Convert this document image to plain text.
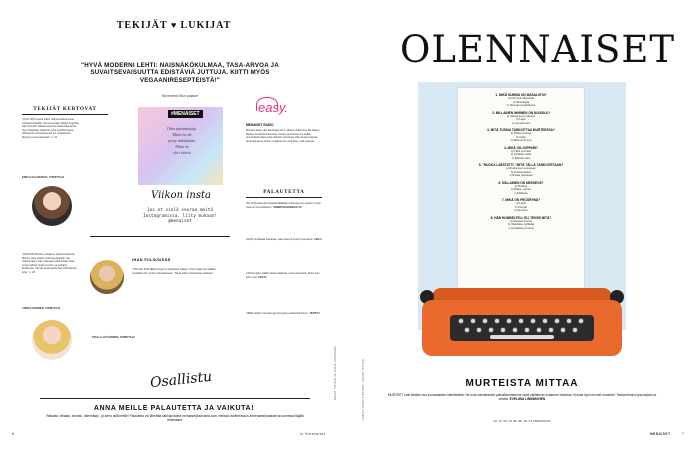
TEKIJÄT ♥ LUKIJAT
"HYVÄ MODERNI LEHTI: NAISNÄKÖKULMAA, TASA-ARVOA JA SUVAITSEVAISUUTTA EDISTÄVIÄ JUTTUJA. KIITTI MYÖS VEGAANIRESEPTEISTÄ!"
Nimimerkki Iltun palaute
TEKIJÄT KERTOVAT
"OLIN VIISI vuotta sitten Hollywoodissa Lena Lelkeitän keikalla, Seuruevieraan tilttelin Angelina. Hän kiinnosti sidoskunsa kommaskustkameroa, Nyt hoistellaan julkitesan aina entittihinnassa. Hollywood-menestyksestä iso, Angelinoiss täytoiny huosa tätevästi." s. 12
EMILIA SALORANTA, TOIMITTAJA
"HAASTATTELIN jo aloajana työskennellessä Merviä, joka päättyi unelmaryöhämän niin reiluimmaksi. Hän otessaan pitkä hitaan hitaa mutta vaihteli yhtä huumorin ja pohjasti kesäkuuta. Tämän keskustelun läpi vielä kaunis juttu." s. 48
LINNEA MANNER, TOIMITTAJA
#MENAISET
Olen epäonnistuja.
Minä en ole
pysty mihinkään.
Minä en
ole riittävä
Viikon insta
Jos et vielä seuraa meitä Instagramissa, liity mukaan! @menaiset
IHAN FIILIKSISSÄ
"ON-OFF-SUHTEESI jonga on kukoistaa Jälleen. Ahmin lajia sen kaikkia musiikkia ihon jonkin vahvistukseen. Tämä teksti ruohottavaa nimitetty."
STELLA-HYVÄRINEN, TOIMITTAJA
easy.
MENAISET RADIO
Muuttuu Easy Hits kanavaksi 30.3. alkaen! Kiihtimme Me Naiset Radion kuulijoita kuluneina vuosina ja toivotamme kaikki tervetulleiksi Easy Hits-radiolle! Uusi Easy Hits-kanava tarjoaa rentouttavaa ja tuttua musiikkia niin vanhasta, mitä uudesta.
PALAUTETTA
OLI KIVA lukea Eva Natalia Mäkelän koiranpennun jutusta. Liityin Suomen kennelliittoon. ANNEPOHJANMAALTA
OLIPA piristävää luettavaa, siisti teksti ja kuvat hyvä lukuin. HELLI
AIVAN pakko kiittää Vantin kalaketin nesta tekemistä. Kiitos kiva juttu myö. TARJA
VIIME lehden horoskooppi oli hyvä ja mielenkiintoinen. TERTTU
KUVAT ISTOCK JA SOFIA SUOMINEN
Osallistu
ANNA MEILLE PALAUTETTA JA VAIKUTA!
Rakasta, vihaatu, innostu, hämmästy - ja kerro siitä meille! Palautetta voi lähettää sähköpostitse menaiset@sanoma.com, netissä osoitteessa is.fi/menaiset/palaute tai somessa tägillä #menaiset.
6	is.fi/menaiset
OLENNAISET
1. MIKÄ KUMMA ON MASALIITSI?
a) Pehmeä villamaatti
b) Muinaisjää
c) Neuvoja puutarhansa
2. MILLAINEN IHMINEN ON NUOSKA?
a) Vastaa kysymykseen
b) Lapsi
c) Lempeä lumi
3. MITÄ TUSINA TARKOITTAA MURTEESSA?
a) Vihaa kuvassa
b) Kielto
c) Mielevä tai sivu
4. MIKÄ ON JOPPARI?
a) Tähti lumossa
b) Pyhästä ruoka
c) Elämän koko
5. "RUOKA LAESTATTI." MITÄ TÄLLÄ TARKOITETAAN?
a) Ruoka kuumennetaan
b) Ruoka kesken
c) Ruoka pannassa
6. MILLAINEN ON MESSEVÄ?
a) Mukava
b) Rikas, vauras
c) Mahtava
7. MIKÄ ON FRÖÖRYNÄ?
a) Leipä
b) Kengät
c) Hevonen
8. HÄN HOMBELTELI. ELI TEKEE MITÄ?
a) Kävelee lomma
b) Vääntelee tyylikkää
c) Herättelee ja toimii
TEKSTI JOUNI TUNTURI • KUVAT ISTOCK	MURTEISTA MITTAA
MURTEET ovat tänään osa suomalaisten identiteettiä. Ne ovat vahvistaneet paikallisuuttamme sekä välittäneet maamme historian. Kuinka hyvin tunnet murteita? Testaa tietoisi kysymyksin ja selvitä. EVELIINA LINNIMOHEN
VASTAUKSET 1A, 2C, 3B, 4B, 5C, 6A, 7C, 8C
MENAISET	7
